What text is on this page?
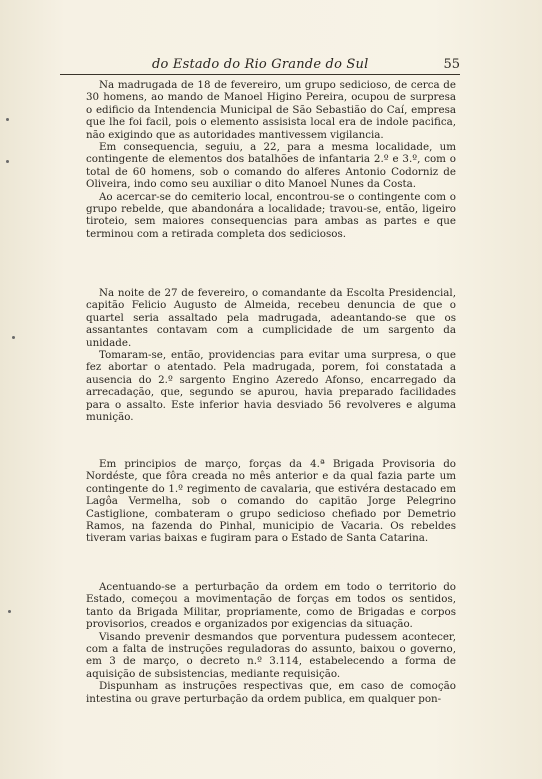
do Estado do Rio Grande do Sul	55

Na madrugada de 18 de fevereiro, um grupo sedicioso, de cerca de 30 homens, ao mando de Manoel Higino Pereira, ocupou de surpresa o edificio da Intendencia Municipal de São Sebastião do Caí, empresa que lhe foi facil, pois o elemento assisista local era de indole pacifica, não exigindo que as autoridades mantivessem vigilancia.

Em consequencia, seguiu, a 22, para a mesma localidade, um contingente de elementos dos batalhões de infantaria 2.º e 3.º, com o total de 60 homens, sob o comando do alferes Antonio Codorniz de Oliveira, indo como seu auxiliar o dito Manoel Nunes da Costa.

Ao acercar-se do cemiterio local, encontrou-se o contingente com o grupo rebelde, que abandonára a localidade; travou-se, então, ligeiro tiroteio, sem maiores consequencias para ambas as partes e que terminou com a retirada completa dos sediciosos.

Na noite de 27 de fevereiro, o comandante da Escolta Presidencial, capitão Felicio Augusto de Almeida, recebeu denuncia de que o quartel seria assaltado pela madrugada, adeantando-se que os assantantes contavam com a cumplicidade de um sargento da unidade.

Tomaram-se, então, providencias para evitar uma surpresa, o que fez abortar o atentado. Pela madrugada, porem, foi constatada a ausencia do 2.º sargento Engino Azeredo Afonso, encarregado da arrecadação, que, segundo se apurou, havia preparado facilidades para o assalto. Este inferior havia desviado 56 revolveres e alguma munição.

Em principios de março, forças da 4.ª Brigada Provisoria do Nordéste, que fôra creada no mês anterior e da qual fazia parte um contingente do 1.º regimento de cavalaria, que estivéra destacado em Lagôa Vermelha, sob o comando do capitão Jorge Pelegrino Castiglione, combateram o grupo sedicioso chefiado por Demetrio Ramos, na fazenda do Pinhal, municipio de Vacaria. Os rebeldes tiveram varias baixas e fugiram para o Estado de Santa Catarina.

Acentuando-se a perturbação da ordem em todo o territorio do Estado, começou a movimentação de forças em todos os sentidos, tanto da Brigada Militar, propriamente, como de Brigadas e corpos provisorios, creados e organizados por exigencias da situação.

Visando prevenir desmandos que porventura pudessem acontecer, com a falta de instruções reguladoras do assunto, baixou o governo, em 3 de março, o decreto n.º 3.114, estabelecendo a forma de aquisição de subsistencias, mediante requisição.

Dispunham as instruções respectivas que, em caso de comoção intestina ou grave perturbação da ordem publica, em qualquer pon-
